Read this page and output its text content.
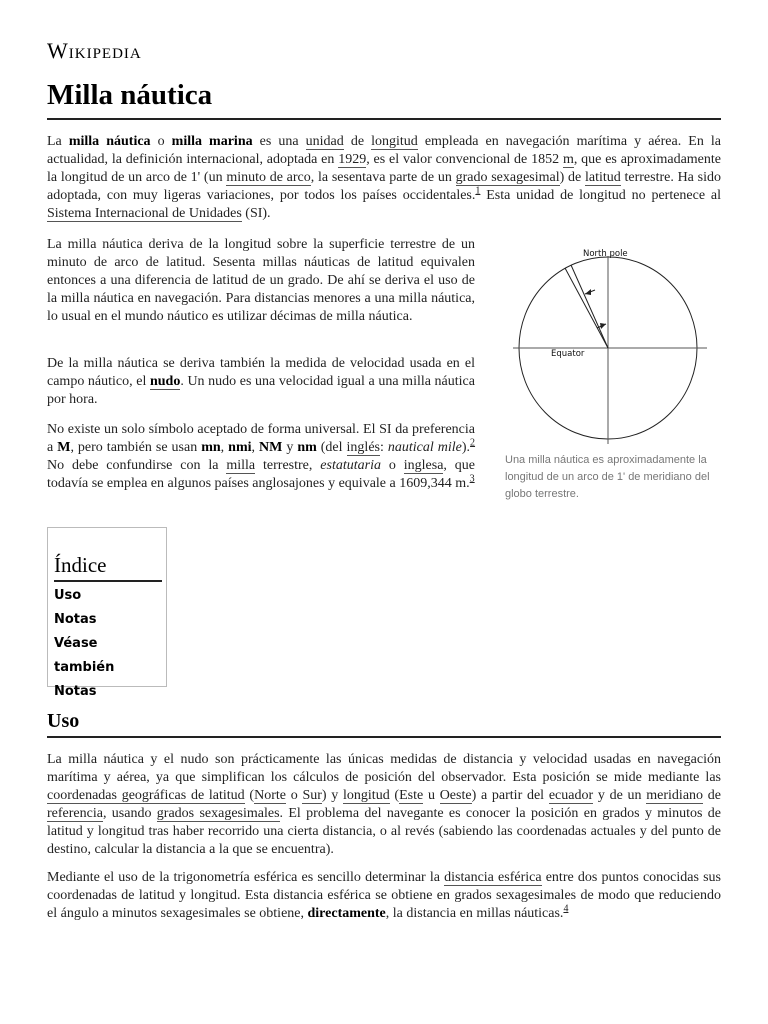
Wikipedia
Milla náutica

La milla náutica o milla marina es una unidad de longitud empleada en navegación marítima y aérea. En la actualidad, la definición internacional, adoptada en 1929, es el valor convencional de 1852 m, que es aproximadamente la longitud de un arco de 1' (un minuto de arco, la sesentava parte de un grado sexagesimal) de latitud terrestre. Ha sido adoptada, con muy ligeras variaciones, por todos los países occidentales.$^1$ Esta unidad de longitud no pertenece al Sistema Internacional de Unidades (SI).

La milla náutica deriva de la longitud sobre la superficie terrestre de un minuto de arco de latitud. Sesenta millas náuticas de latitud equivalen entonces a una diferencia de latitud de un grado. De ahí se deriva el uso de la milla náutica en navegación. Para distancias menores a una milla náutica, lo usual en el mundo náutico es utilizar décimas de milla náutica.

De la milla náutica se deriva también la medida de velocidad usada en el campo náutico, el nudo. Un nudo es una velocidad igual a una milla náutica por hora.

No existe un solo símbolo aceptado de forma universal. El SI da preferencia a M, pero también se usan mn, nmi, NM y nm (del inglés: nautical mile).$^2$ No debe confundirse con la milla terrestre, estatutaria o inglesa, que todavía se emplea en algunos países anglosajones y equivale a 1609,344 m.$^3$

North pole
Equator
Una milla náutica es aproximadamente la longitud de un arco de 1' de meridiano del globo terrestre.
Índice
Uso
Notas
Véase también
Notas
Uso

La milla náutica y el nudo son prácticamente las únicas medidas de distancia y velocidad usadas en navegación marítima y aérea, ya que simplifican los cálculos de posición del observador. Esta posición se mide mediante las coordenadas geográficas de latitud (Norte o Sur) y longitud (Este u Oeste) a partir del ecuador y de un meridiano de referencia, usando grados sexagesimales. El problema del navegante es conocer la posición en grados y minutos de latitud y longitud tras haber recorrido una cierta distancia, o al revés (sabiendo las coordenadas actuales y del punto de destino, calcular la distancia a la que se encuentra).

Mediante el uso de la trigonometría esférica es sencillo determinar la distancia esférica entre dos puntos conocidas sus coordenadas de latitud y longitud. Esta distancia esférica se obtiene en grados sexagesimales de modo que reduciendo el ángulo a minutos sexagesimales se obtiene, directamente, la distancia en millas náuticas.$^4$
